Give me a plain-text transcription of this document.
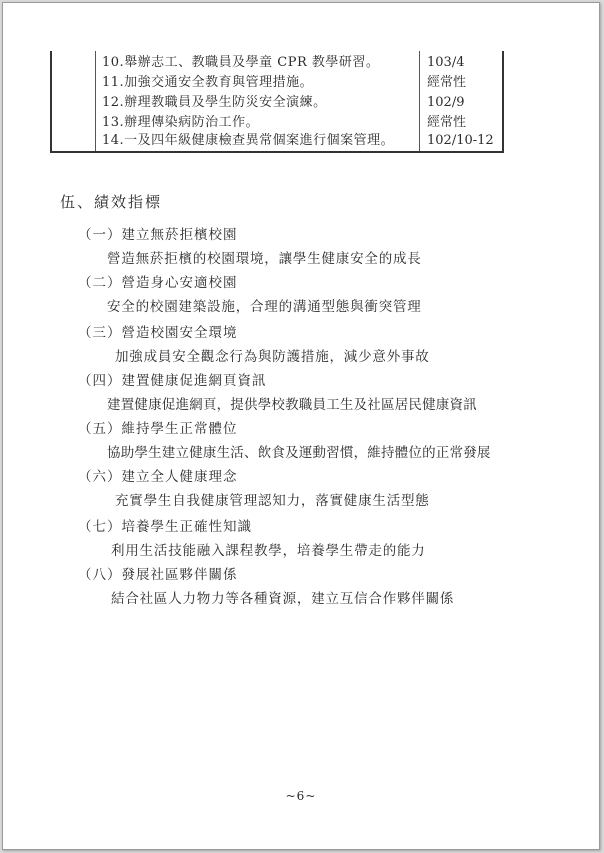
10.舉辦志工、教職員及學童 CPR 教學研習。	103/4
11.加強交通安全教育與管理措施。	經常性
12.辦理教職員及學生防災安全演練。	102/9
13.辦理傳染病防治工作。	經常性
14.一及四年級健康檢查異常個案進行個案管理。	102/10-12
伍、績效指標
（一）建立無菸拒檳校園
營造無菸拒檳的校園環境，讓學生健康安全的成長
（二）營造身心安適校園
安全的校園建築設施，合理的溝通型態與衝突管理
（三）營造校園安全環境
加強成員安全觀念行為與防護措施，減少意外事故
（四）建置健康促進網頁資訊
建置健康促進網頁，提供學校教職員工生及社區居民健康資訊
（五）維持學生正常體位
協助學生建立健康生活、飲食及運動習慣，維持體位的正常發展
（六）建立全人健康理念
充實學生自我健康管理認知力，落實健康生活型態
（七）培養學生正確性知識
利用生活技能融入課程教學，培養學生帶走的能力
（八）發展社區夥伴關係
結合社區人力物力等各種資源，建立互信合作夥伴關係
~6~
